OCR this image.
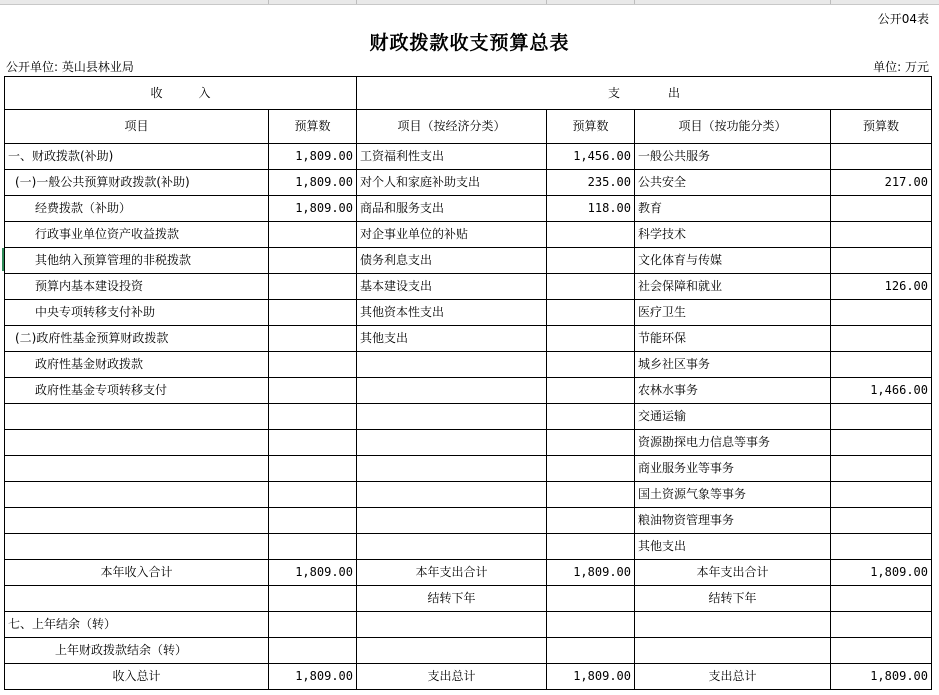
公开04表
财政拨款收支预算总表
公开单位: 英山县林业局	单位: 万元
收　　　入		支　　　　出			
项目	预算数	项目（按经济分类）	预算数	项目（按功能分类）	预算数
一、财政拨款(补助)	1,809.00	工资福利性支出	1,456.00	一般公共服务	
(一)一般公共预算财政拨款(补助)	1,809.00	对个人和家庭补助支出	235.00	公共安全	217.00
经费拨款（补助）	1,809.00	商品和服务支出	118.00	教育	
行政事业单位资产收益拨款		对企事业单位的补贴		科学技术	
其他纳入预算管理的非税拨款		债务利息支出		文化体育与传媒	
预算内基本建设投资		基本建设支出		社会保障和就业	126.00
中央专项转移支付补助		其他资本性支出		医疗卫生	
(二)政府性基金预算财政拨款		其他支出		节能环保	
政府性基金财政拨款				城乡社区事务	
政府性基金专项转移支付				农林水事务	1,466.00
				交通运输	
				资源勘探电力信息等事务	
				商业服务业等事务	
				国土资源气象等事务	
				粮油物资管理事务	
				其他支出	
本年收入合计	1,809.00	本年支出合计	1,809.00	本年支出合计	1,809.00
		结转下年		结转下年	
七、上年结余（转）					
上年财政拨款结余（转）					
收入总计	1,809.00	支出总计	1,809.00	支出总计	1,809.00
